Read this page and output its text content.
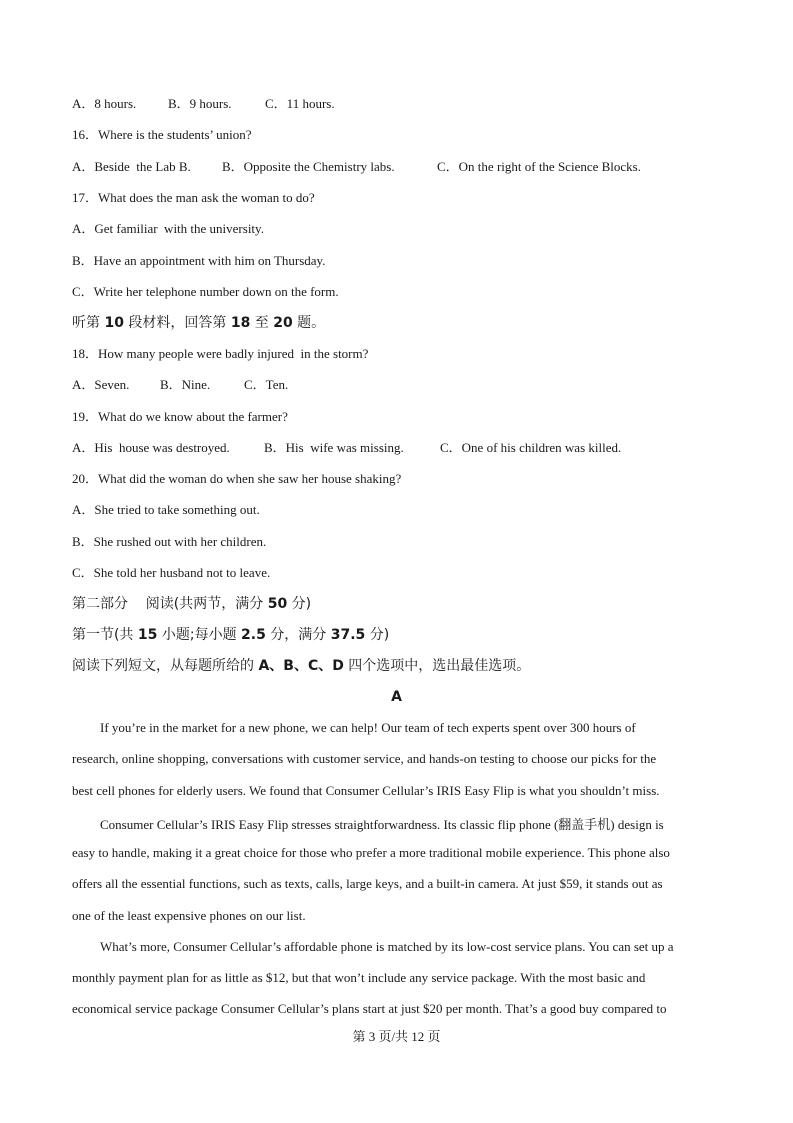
A．8 hours.

B．9 hours.

	C．11 hours.

16．Where is the students’ union?

A．Beside  the Lab B.

B．Opposite the Chemistry labs.

	C．On the right of the Science Blocks.

17．What does the man ask the woman to do?
A．Get familiar  with the university.
B．Have an appointment with him on Thursday.
C．Write her telephone number down on the form.
听第 10 段材料，回答第 18 至 20 题。
18．How many people were badly injured  in the storm?

A．Seven.

B．Nine.

	C．Ten.

19．What do we know about the farmer?

A．His  house was destroyed.

	B．His  wife was missing.

	C．One of his children was killed.

20．What did the woman do when she saw her house shaking?
A．She tried to take something out.
B．She rushed out with her children.
C．She told her husband not to leave.
第二部分    阅读(共两节，满分 50 分)
第一节(共 15 小题;每小题 2.5 分，满分 37.5 分)
阅读下列短文，从每题所给的 A、B、C、D 四个选项中，选出最佳选项。
A
If you’re in the market for a new phone, we can help! Our team of tech experts spent over 300 hours of
research, online shopping, conversations with customer service, and hands-on testing to choose our picks for the
best cell phones for elderly users. We found that Consumer Cellular’s IRIS Easy Flip is what you shouldn’t miss.
Consumer Cellular’s IRIS Easy Flip stresses straightforwardness. Its classic flip phone (翻盖手机) design is
easy to handle, making it a great choice for those who prefer a more traditional mobile experience. This phone also
offers all the essential functions, such as texts, calls, large keys, and a built-in camera. At just $59, it stands out as
one of the least expensive phones on our list.
What’s more, Consumer Cellular’s affordable phone is matched by its low-cost service plans. You can set up a
monthly payment plan for as little as $12, but that won’t include any service package. With the most basic and
economical service package Consumer Cellular’s plans start at just $20 per month. That’s a good buy compared to
第 3 页/共 12 页
